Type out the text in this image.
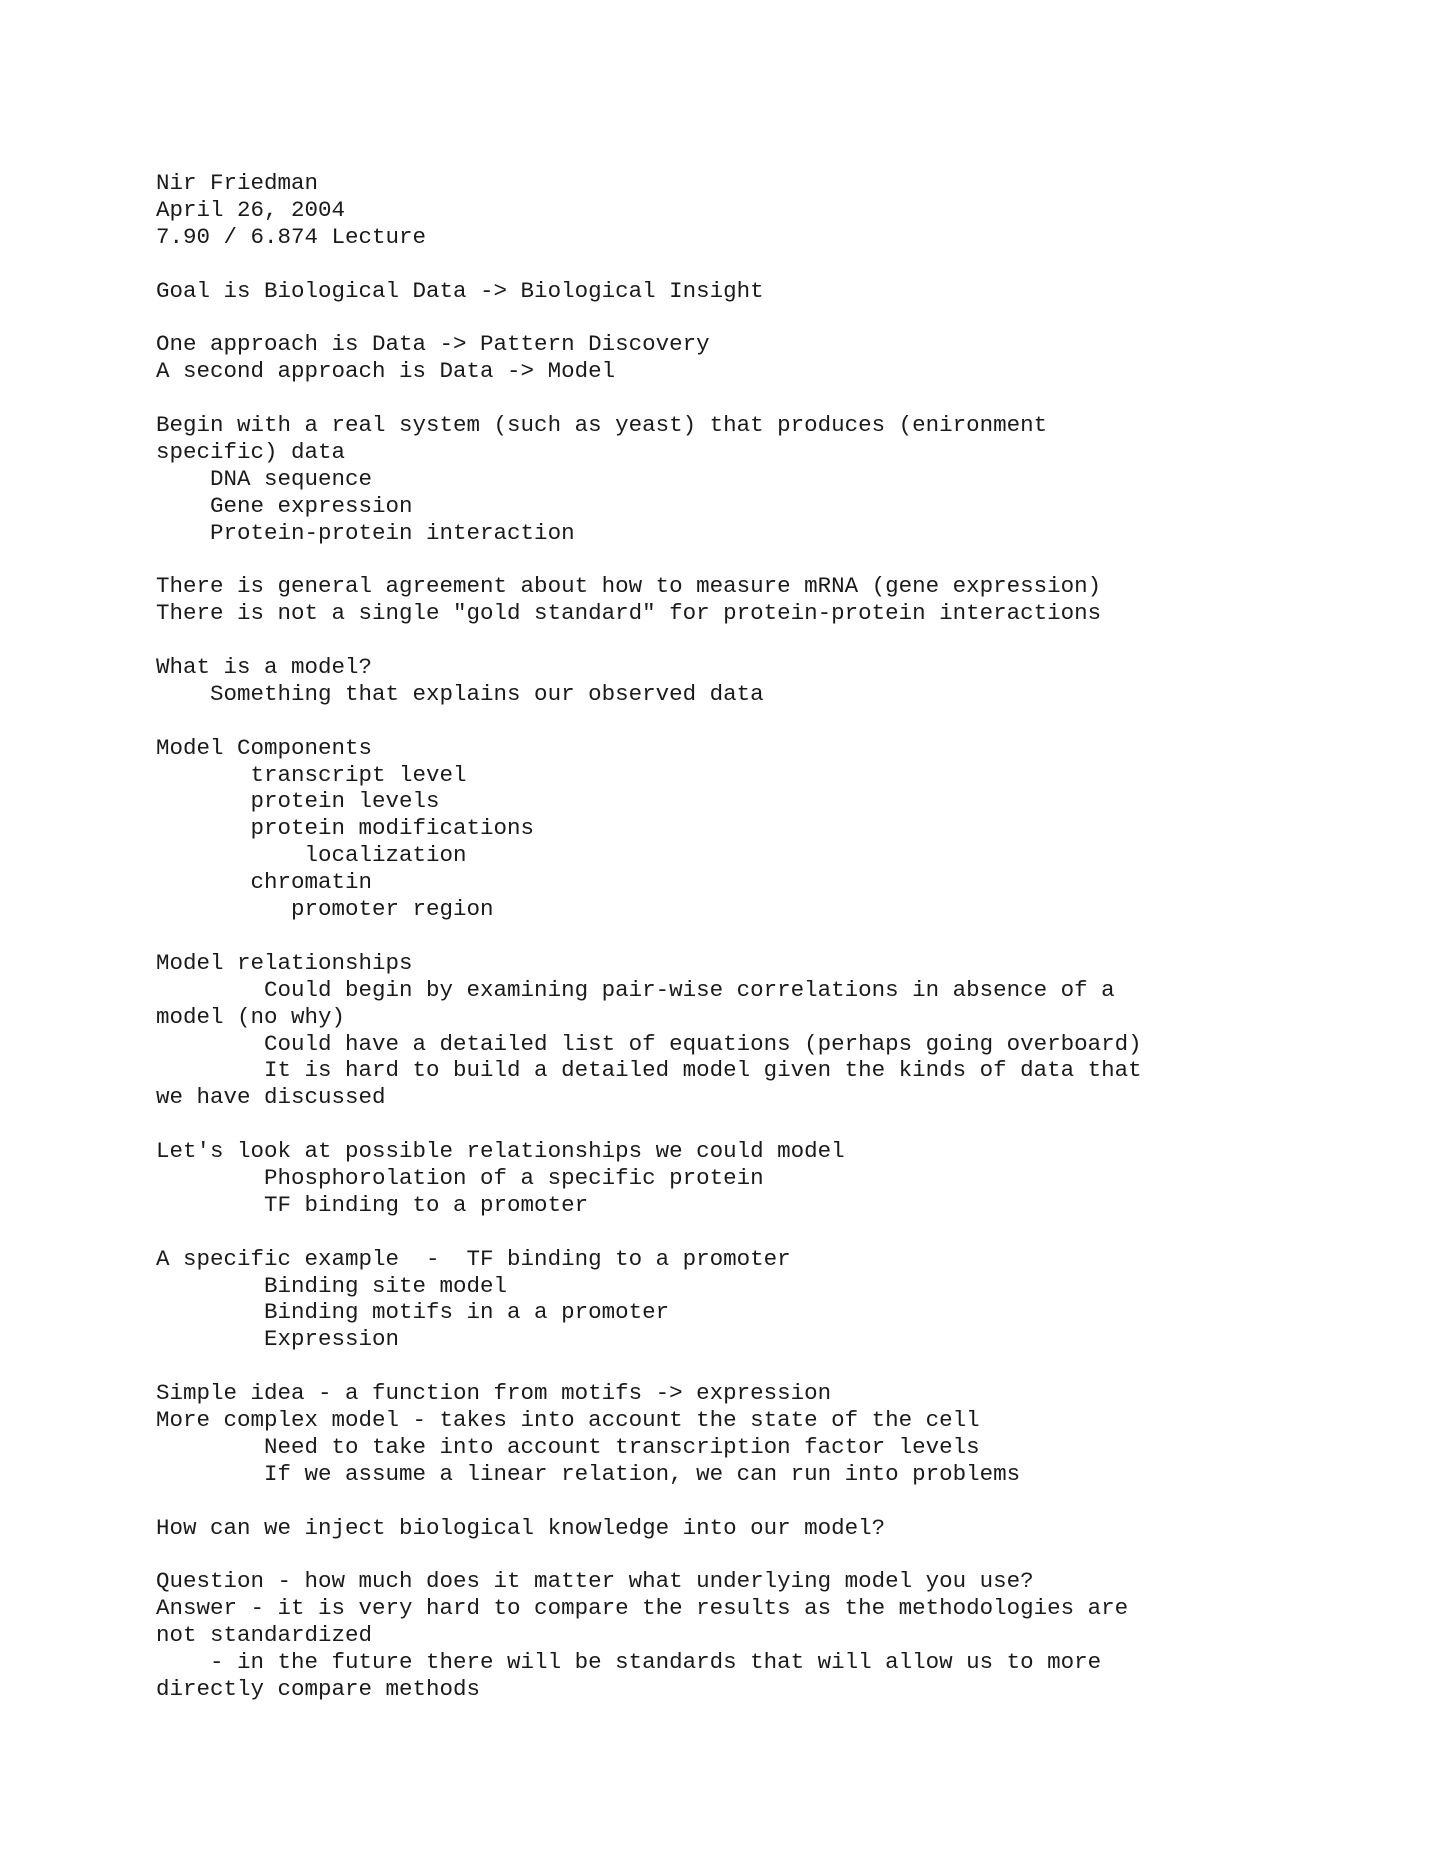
Nir Friedman
April 26, 2004
7.90 / 6.874 Lecture
Goal is Biological Data -> Biological Insight
One approach is Data -> Pattern Discovery
A second approach is Data -> Model
Begin with a real system (such as yeast) that produces (enironment
specific) data
DNA sequence
Gene expression
Protein-protein interaction
There is general agreement about how to measure mRNA (gene expression)
There is not a single "gold standard" for protein-protein interactions
What is a model?
Something that explains our observed data
Model Components
transcript level
protein levels
protein modifications
localization
chromatin
promoter region
Model relationships
Could begin by examining pair-wise correlations in absence of a
model (no why)
Could have a detailed list of equations (perhaps going overboard)
It is hard to build a detailed model given the kinds of data that
we have discussed
Let's look at possible relationships we could model
Phosphorolation of a specific protein
TF binding to a promoter
A specific example  -  TF binding to a promoter
Binding site model
Binding motifs in a a promoter
Expression
Simple idea - a function from motifs -> expression
More complex model - takes into account the state of the cell
Need to take into account transcription factor levels
If we assume a linear relation, we can run into problems
How can we inject biological knowledge into our model?
Question - how much does it matter what underlying model you use?
Answer - it is very hard to compare the results as the methodologies are
not standardized
- in the future there will be standards that will allow us to more
directly compare methods
